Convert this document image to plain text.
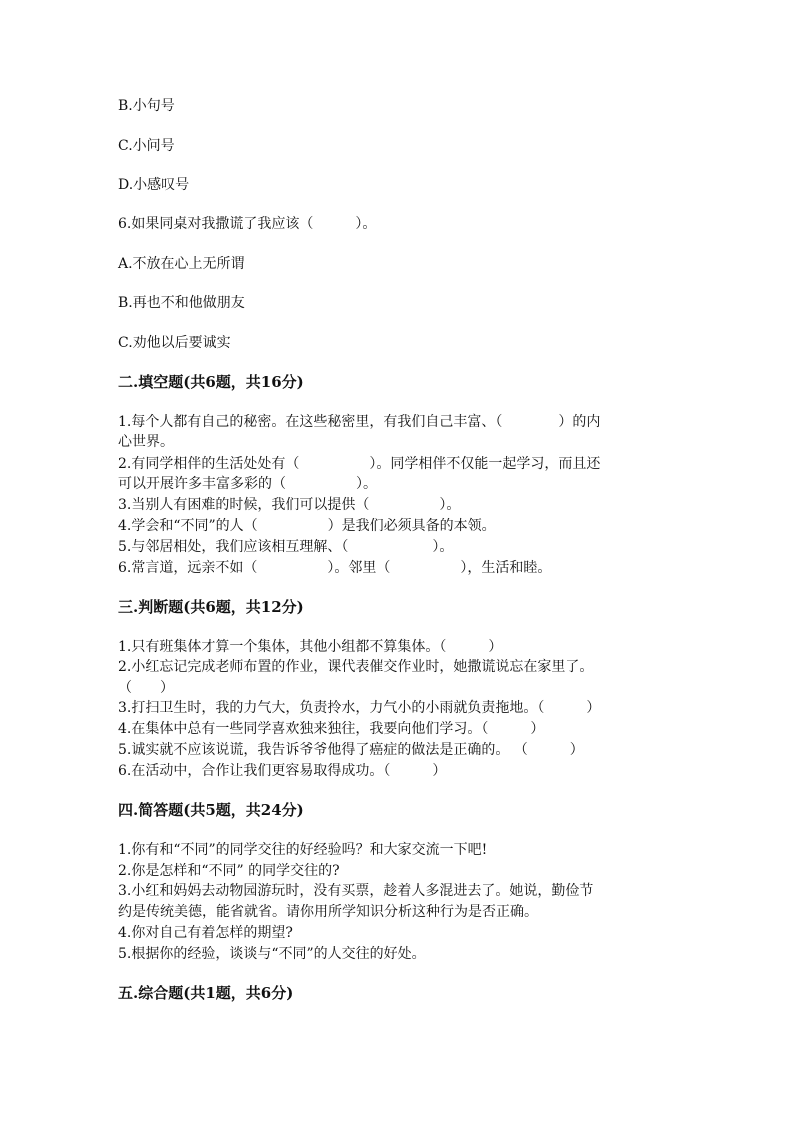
B.小句号
C.小问号
D.小感叹号
6.如果同桌对我撒谎了我应该（　　　）。
A.不放在心上无所谓
B.再也不和他做朋友
C.劝他以后要诚实
二.填空题(共6题，共16分)
1.每个人都有自己的秘密。在这些秘密里，有我们自己丰富、（　　　　）的内
心世界。
2.有同学相伴的生活处处有（　　　　　）。同学相伴不仅能一起学习，而且还
可以开展许多丰富多彩的（　　　　　）。
3.当别人有困难的时候，我们可以提供（　　　　　）。
4.学会和“不同”的人（　　　　　）是我们必须具备的本领。
5.与邻居相处，我们应该相互理解、（　　　　　　）。
6.常言道，远亲不如（　　　　　）。邻里（　　　　　），生活和睦。
三.判断题(共6题，共12分)
1.只有班集体才算一个集体，其他小组都不算集体。（　　　）
2.小红忘记完成老师布置的作业，课代表催交作业时，她撒谎说忘在家里了。
（　　）
3.打扫卫生时，我的力气大，负责拎水，力气小的小雨就负责拖地。（　　　）
4.在集体中总有一些同学喜欢独来独往，我要向他们学习。（　　　）
5.诚实就不应该说谎，我告诉爷爷他得了癌症的做法是正确的。 （　　　）
6.在活动中，合作让我们更容易取得成功。（　　　）
四.简答题(共5题，共24分)
1.你有和“不同”的同学交往的好经验吗？和大家交流一下吧!
2.你是怎样和“不同” 的同学交往的?
3.小红和妈妈去动物园游玩时，没有买票，趁着人多混进去了。她说，勤俭节
约是传统美德，能省就省。请你用所学知识分析这种行为是否正确。
4.你对自己有着怎样的期望?
5.根据你的经验，谈谈与“不同”的人交往的好处。
五.综合题(共1题，共6分)
